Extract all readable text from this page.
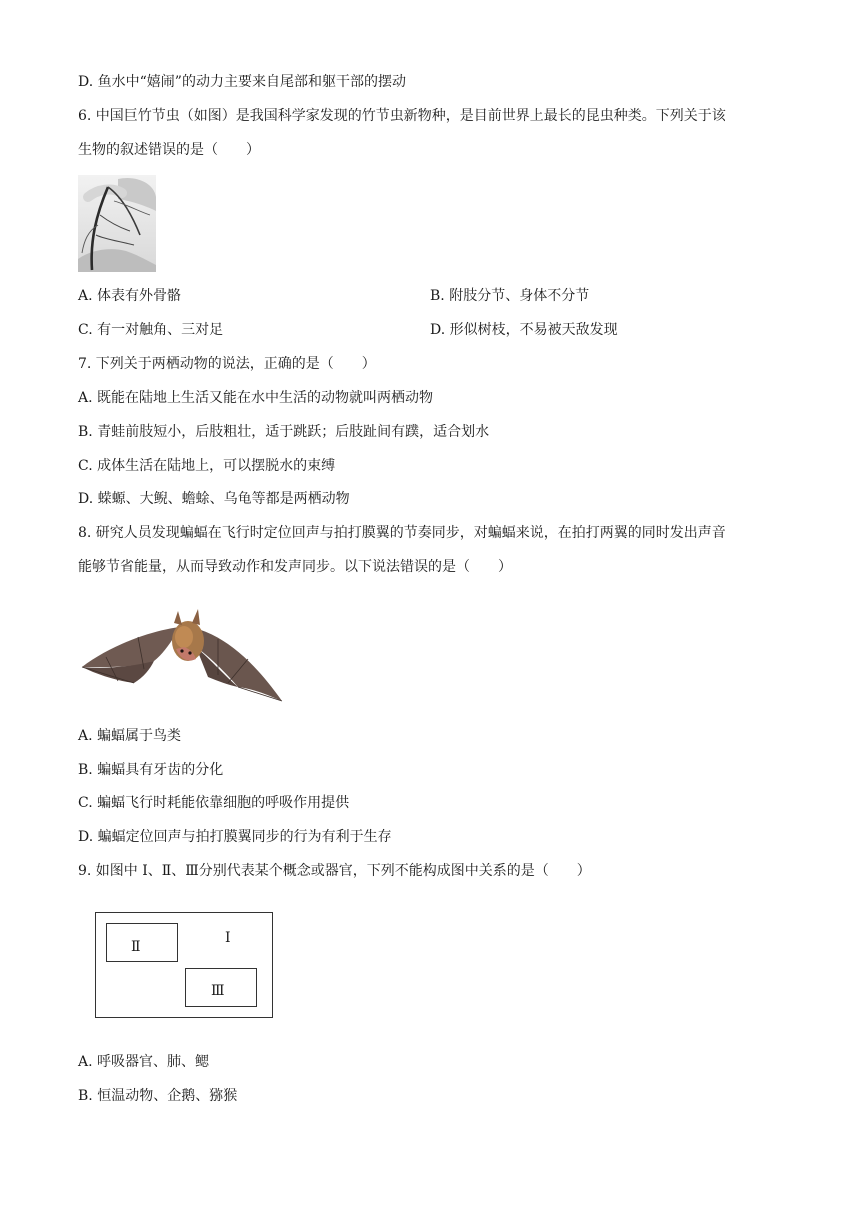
D. 鱼水中“嬉闹”的动力主要来自尾部和躯干部的摆动
6. 中国巨竹节虫（如图）是我国科学家发现的竹节虫新物种，是目前世界上最长的昆虫种类。下列关于该
生物的叙述错误的是（　　）
A. 体表有外骨骼	B. 附肢分节、身体不分节
C. 有一对触角、三对足	D. 形似树枝，不易被天敌发现
7. 下列关于两栖动物的说法，正确的是（　　）
A. 既能在陆地上生活又能在水中生活的动物就叫两栖动物
B. 青蛙前肢短小，后肢粗壮，适于跳跃；后肢趾间有蹼，适合划水
C. 成体生活在陆地上，可以摆脱水的束缚
D. 蝾螈、大鲵、蟾蜍、乌龟等都是两栖动物
8. 研究人员发现蝙蝠在飞行时定位回声与拍打膜翼的节奏同步，对蝙蝠来说，在拍打两翼的同时发出声音
能够节省能量，从而导致动作和发声同步。以下说法错误的是（　　）
A. 蝙蝠属于鸟类
B. 蝙蝠具有牙齿的分化
C. 蝙蝠飞行时耗能依靠细胞的呼吸作用提供
D. 蝙蝠定位回声与拍打膜翼同步的行为有利于生存
9. 如图中 I、Ⅱ、Ⅲ分别代表某个概念或器官，下列不能构成图中关系的是（　　）
I
Ⅱ
Ⅲ
A. 呼吸器官、肺、鳃
B. 恒温动物、企鹅、猕猴
